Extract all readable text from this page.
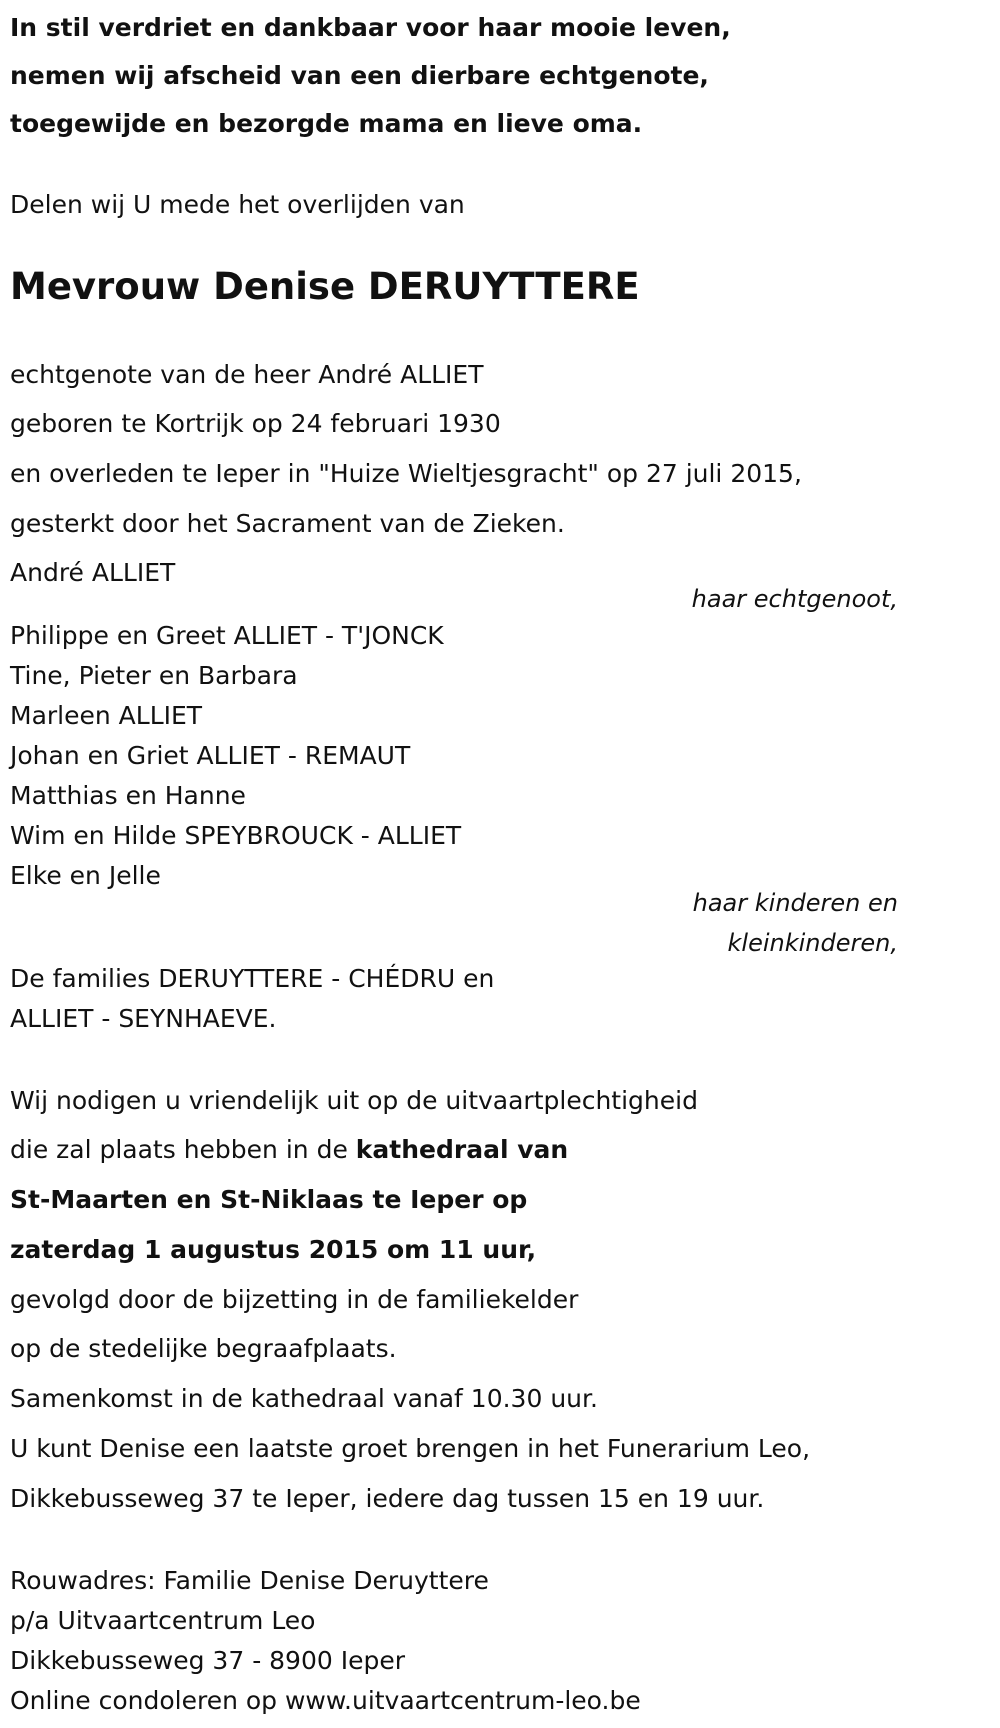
In stil verdriet en dankbaar voor haar mooie leven,
nemen wij afscheid van een dierbare echtgenote,
toegewijde en bezorgde mama en lieve oma.
Delen wij U mede het overlijden van
Mevrouw Denise DERUYTTERE
echtgenote van de heer André ALLIET
geboren te Kortrijk op 24 februari 1930
en overleden te Ieper in "Huize Wieltjesgracht" op 27 juli 2015,
gesterkt door het Sacrament van de Zieken.
André ALLIET
haar echtgenoot,
Philippe en Greet ALLIET - T'JONCK
Tine, Pieter en Barbara
Marleen ALLIET
Johan en Griet ALLIET - REMAUT
Matthias en Hanne
Wim en Hilde SPEYBROUCK - ALLIET
Elke en Jelle
haar kinderen en
kleinkinderen,
De families DERUYTTERE - CHÉDRU en
ALLIET - SEYNHAEVE.
Wij nodigen u vriendelijk uit op de uitvaartplechtigheid
die zal plaats hebben in de kathedraal van
St-Maarten en St-Niklaas te Ieper op
zaterdag 1 augustus 2015 om 11 uur,
gevolgd door de bijzetting in de familiekelder
op de stedelijke begraafplaats.
Samenkomst in de kathedraal vanaf 10.30 uur.
U kunt Denise een laatste groet brengen in het Funerarium Leo,
Dikkebusseweg 37 te Ieper, iedere dag tussen 15 en 19 uur.
Rouwadres: Familie Denise Deruyttere
p/a Uitvaartcentrum Leo
Dikkebusseweg 37 - 8900 Ieper
Online condoleren op www.uitvaartcentrum-leo.be
